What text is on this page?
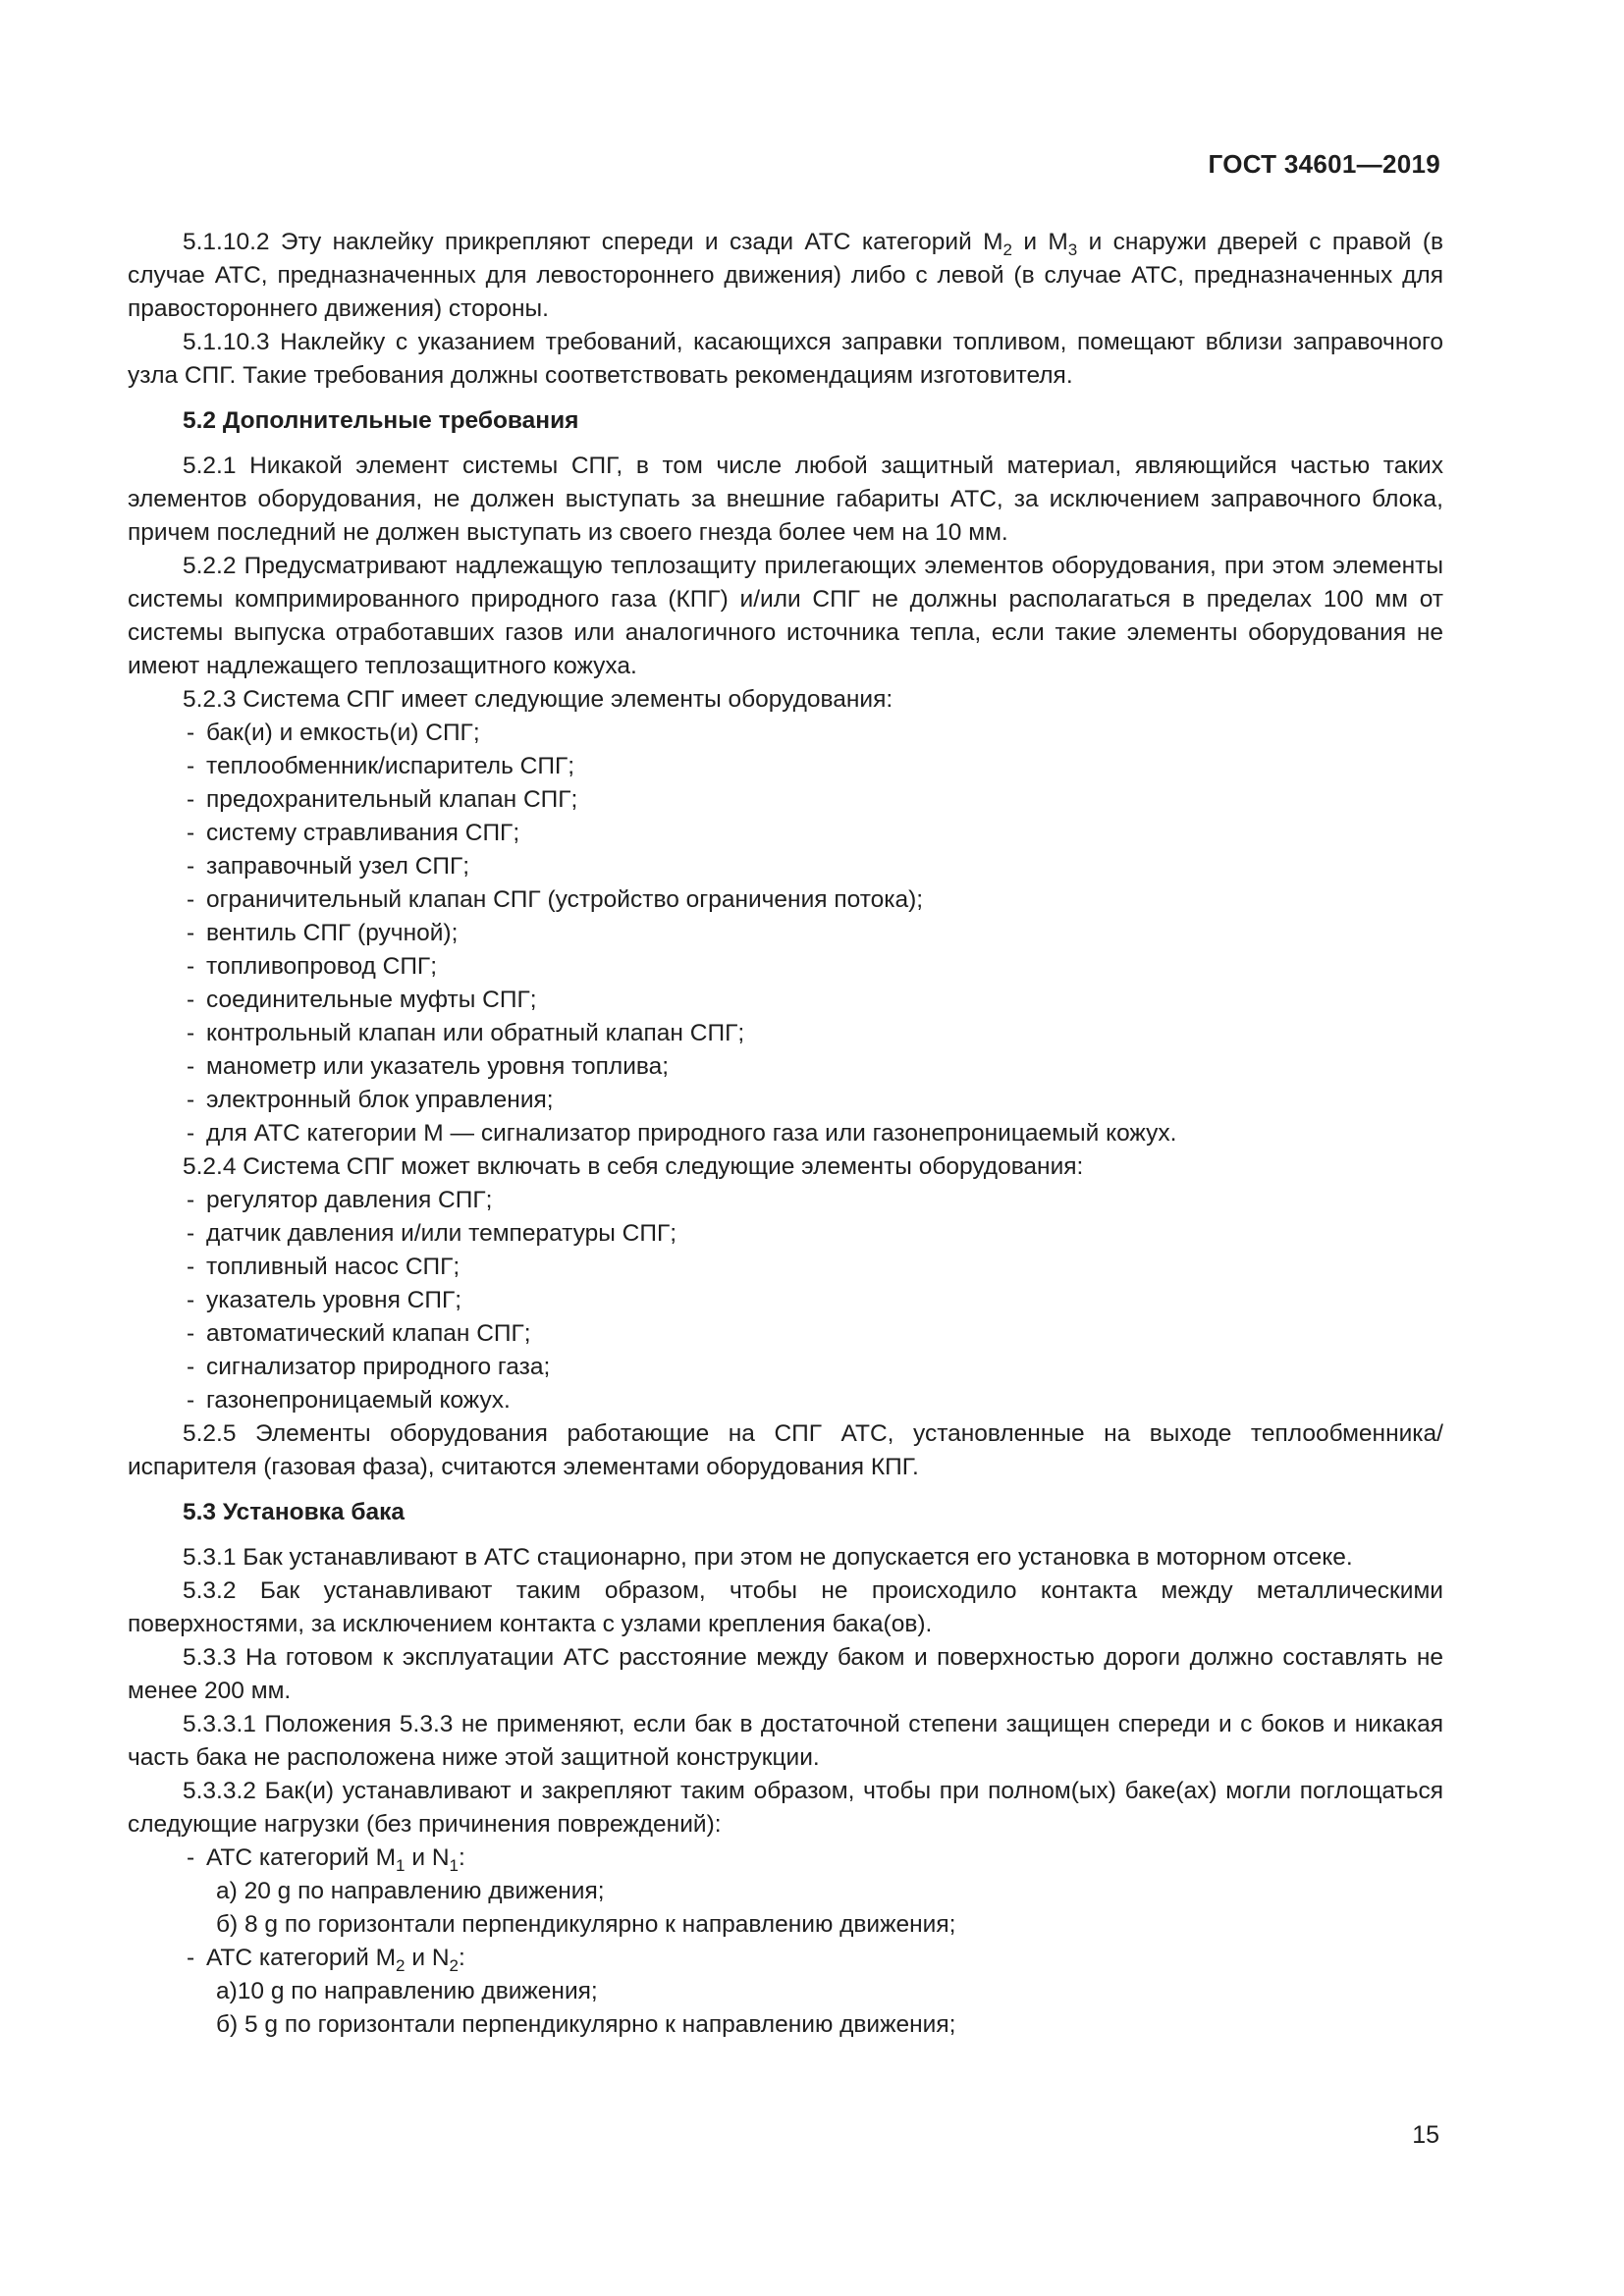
ГОСТ 34601—2019

5.1.10.2 Эту наклейку прикрепляют спереди и сзади АТС категорий $М_2$ и $М_3$ и снаружи дверей с правой (в случае АТС, предназначенных для левостороннего движения) либо с левой (в случае АТС, предназначенных для правостороннего движения) стороны.

5.1.10.3 Наклейку с указанием требований, касающихся заправки топливом, помещают вблизи заправочного узла СПГ. Такие требования должны соответствовать рекомендациям изготовителя.

5.2 Дополнительные требования

5.2.1 Никакой элемент системы СПГ, в том числе любой защитный материал, являющийся частью таких элементов оборудования, не должен выступать за внешние габариты АТС, за исключением заправочного блока, причем последний не должен выступать из своего гнезда более чем на 10 мм.

5.2.2 Предусматривают надлежащую теплозащиту прилегающих элементов оборудования, при этом элементы системы компримированного природного газа (КПГ) и/или СПГ не должны располагаться в пределах 100 мм от системы выпуска отработавших газов или аналогичного источника тепла, если такие элементы оборудования не имеют надлежащего теплозащитного кожуха.

5.2.3 Система СПГ имеет следующие элементы оборудования:

- бак(и) и емкость(и) СПГ;

- теплообменник/испаритель СПГ;

- предохранительный клапан СПГ;

- систему стравливания СПГ;

- заправочный узел СПГ;

- ограничительный клапан СПГ (устройство ограничения потока);

- вентиль СПГ (ручной);

- топливопровод СПГ;

- соединительные муфты СПГ;

- контрольный клапан или обратный клапан СПГ;

- манометр или указатель уровня топлива;

- электронный блок управления;

- для АТС категории М — сигнализатор природного газа или газонепроницаемый кожух.

5.2.4 Система СПГ может включать в себя следующие элементы оборудования:

- регулятор давления СПГ;

- датчик давления и/или температуры СПГ;

- топливный насос СПГ;

- указатель уровня СПГ;

- автоматический клапан СПГ;

- сигнализатор природного газа;

- газонепроницаемый кожух.

5.2.5 Элементы оборудования работающие на СПГ АТС, установленные на выходе теплообменника/испарителя (газовая фаза), считаются элементами оборудования КПГ.

5.3 Установка бака

5.3.1 Бак устанавливают в АТС стационарно, при этом не допускается его установка в моторном отсеке.

5.3.2 Бак устанавливают таким образом, чтобы не происходило контакта между металлическими поверхностями, за исключением контакта с узлами крепления бака(ов).

5.3.3 На готовом к эксплуатации АТС расстояние между баком и поверхностью дороги должно составлять не менее 200 мм.

5.3.3.1 Положения 5.3.3 не применяют, если бак в достаточной степени защищен спереди и с боков и никакая часть бака не расположена ниже этой защитной конструкции.

5.3.3.2 Бак(и) устанавливают и закрепляют таким образом, чтобы при полном(ых) баке(ах) могли поглощаться следующие нагрузки (без причинения повреждений):

- АТС категорий $М_1$ и $N_1$:

а) 20 g по направлению движения;

б) 8 g по горизонтали перпендикулярно к направлению движения;

- АТС категорий $М_2$ и $N_2$:

а)10 g по направлению движения;

б) 5 g по горизонтали перпендикулярно к направлению движения;

15
